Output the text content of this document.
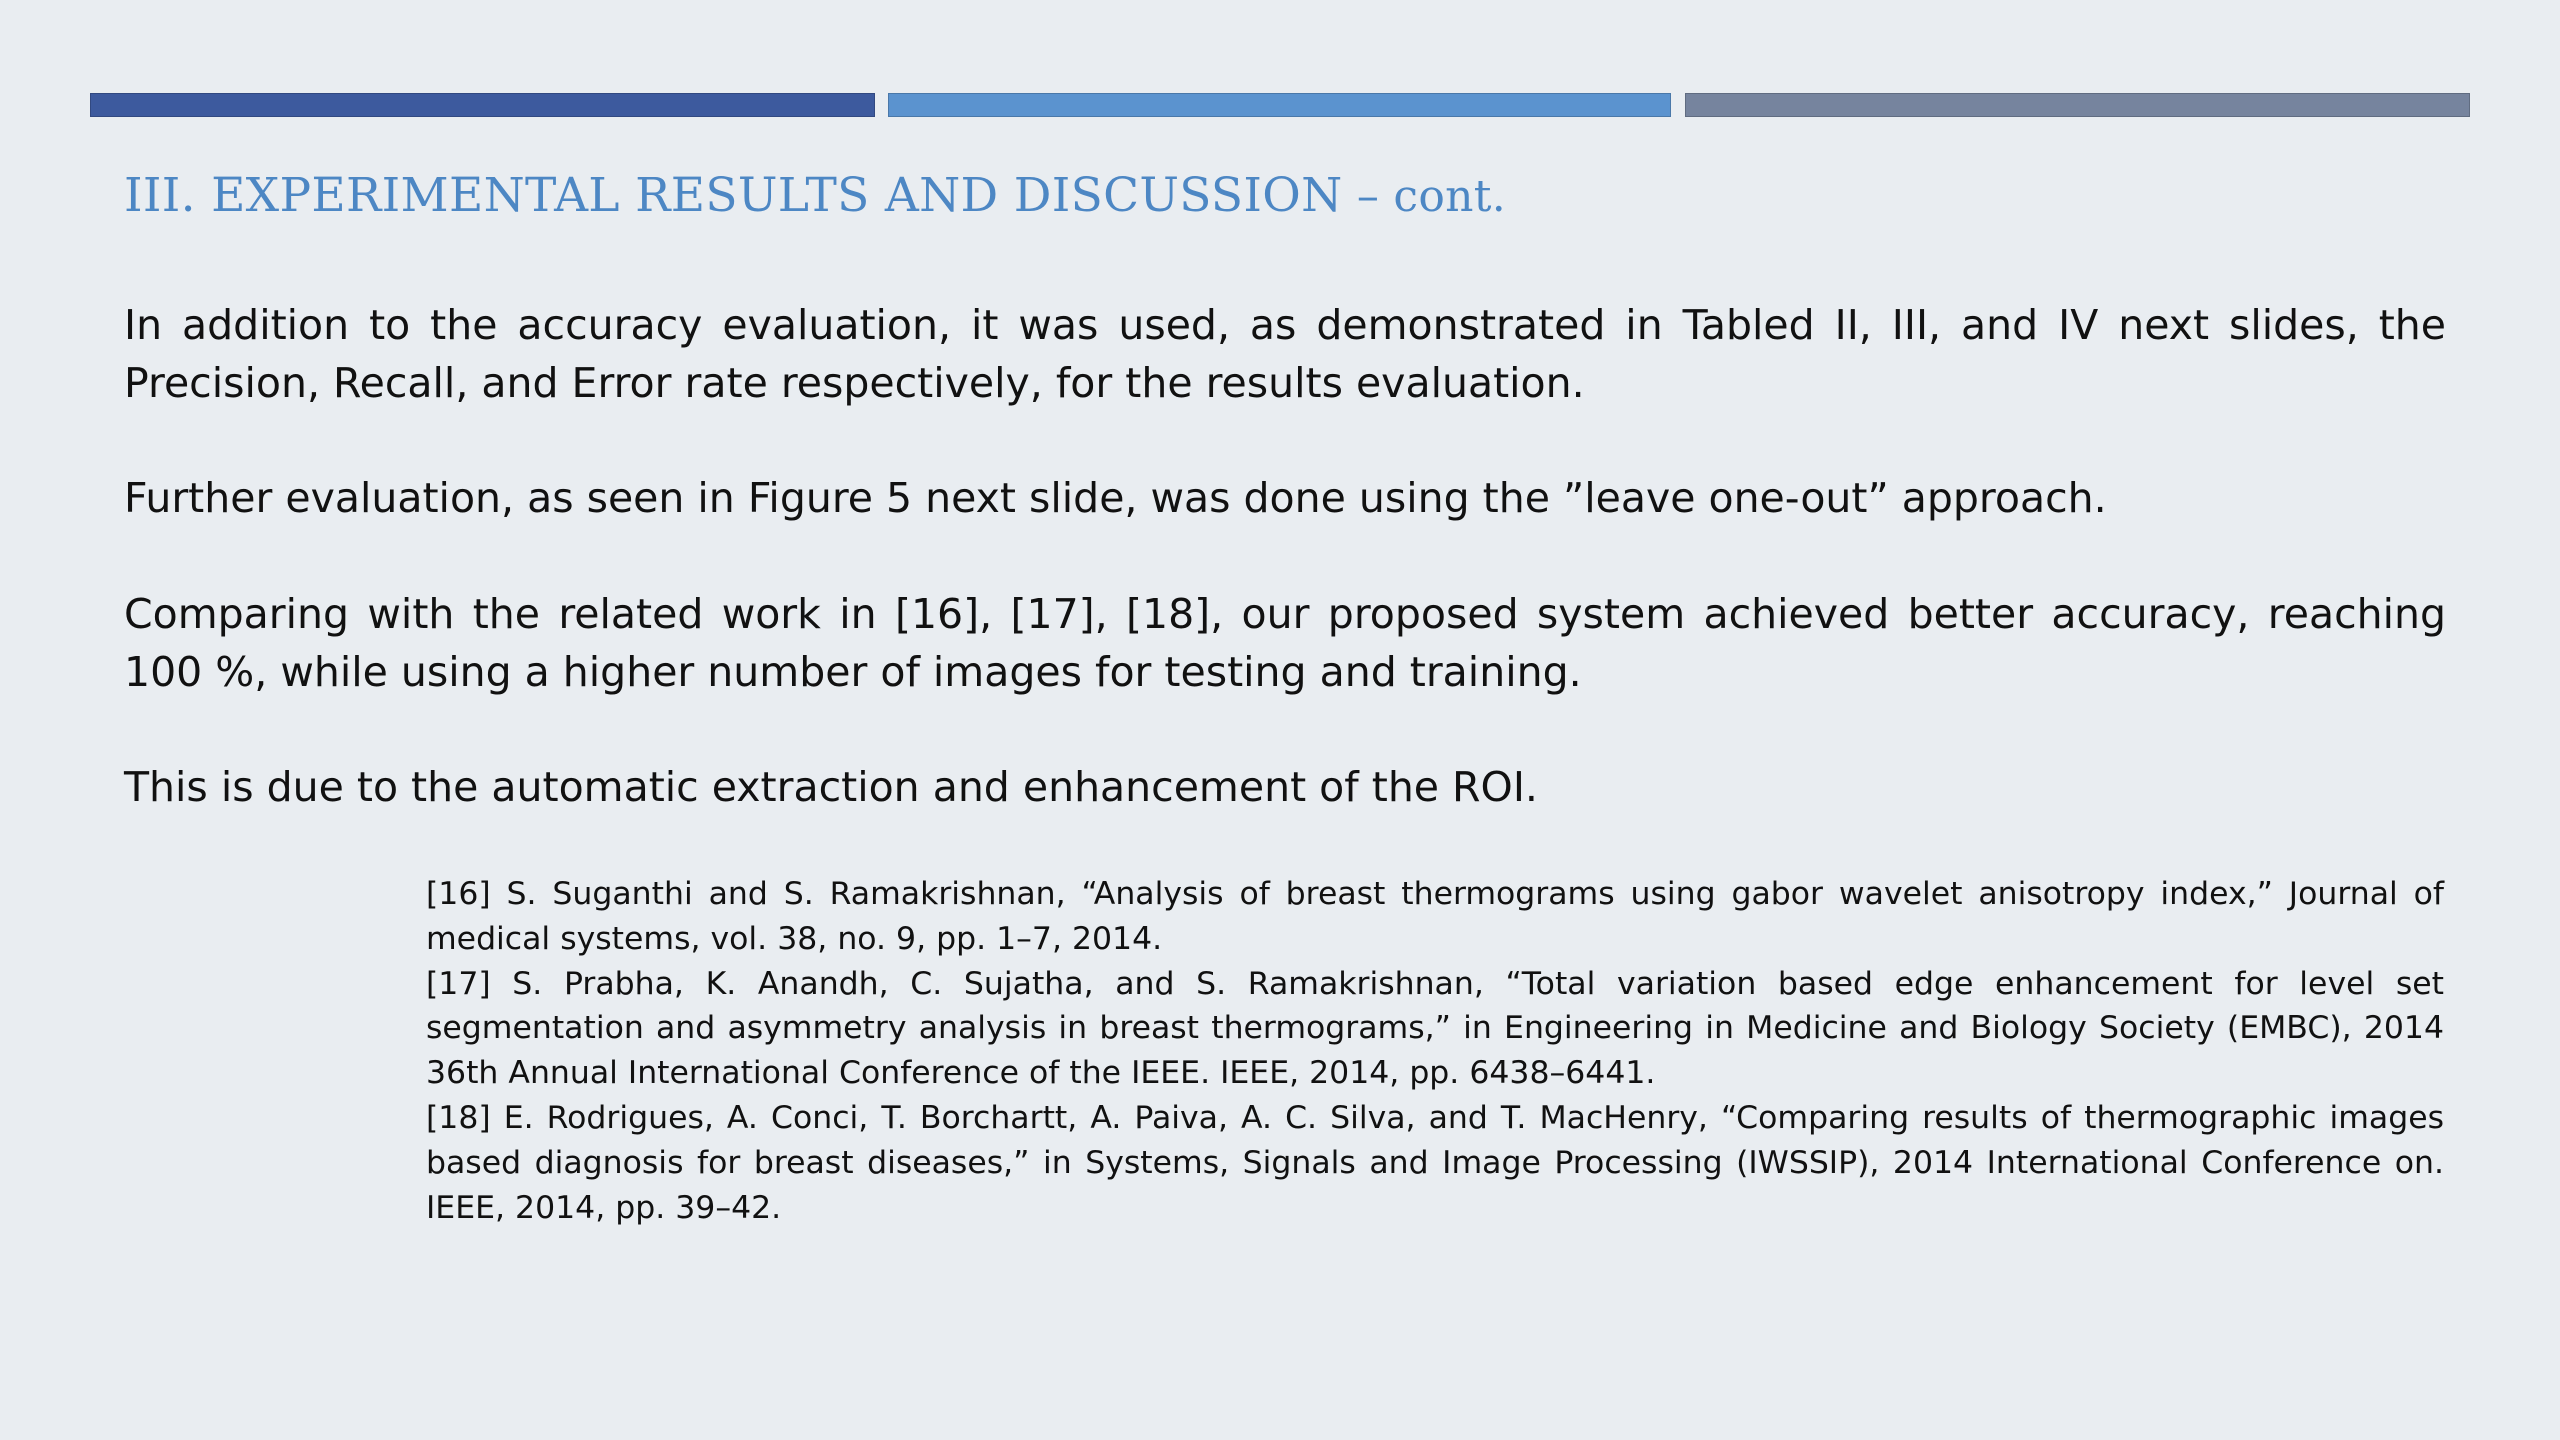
III. EXPERIMENTAL RESULTS AND DISCUSSION – cont.

In addition to the accuracy evaluation, it was used, as demonstrated in Tabled II, III, and IV next slides, the Precision, Recall, and Error rate respectively, for the results evaluation.

Further evaluation, as seen in Figure 5 next slide, was done using the ”leave one-out” approach.

Comparing with the related work in [16], [17], [18], our proposed system achieved better accuracy, reaching 100 %, while using a higher number of images for testing and training.

This is due to the automatic extraction and enhancement of the ROI.

[16] S. Suganthi and S. Ramakrishnan, “Analysis of breast thermograms using gabor wavelet anisotropy index,” Journal of medical systems, vol. 38, no. 9, pp. 1–7, 2014.

[17] S. Prabha, K. Anandh, C. Sujatha, and S. Ramakrishnan, “Total variation based edge enhancement for level set segmentation and asymmetry analysis in breast thermograms,” in Engineering in Medicine and Biology Society (EMBC), 2014 36th Annual International Conference of the IEEE. IEEE, 2014, pp. 6438–6441.

[18] E. Rodrigues, A. Conci, T. Borchartt, A. Paiva, A. C. Silva, and T. MacHenry, “Comparing results of thermographic images based diagnosis for breast diseases,” in Systems, Signals and Image Processing (IWSSIP), 2014 International Conference on. IEEE, 2014, pp. 39–42.
